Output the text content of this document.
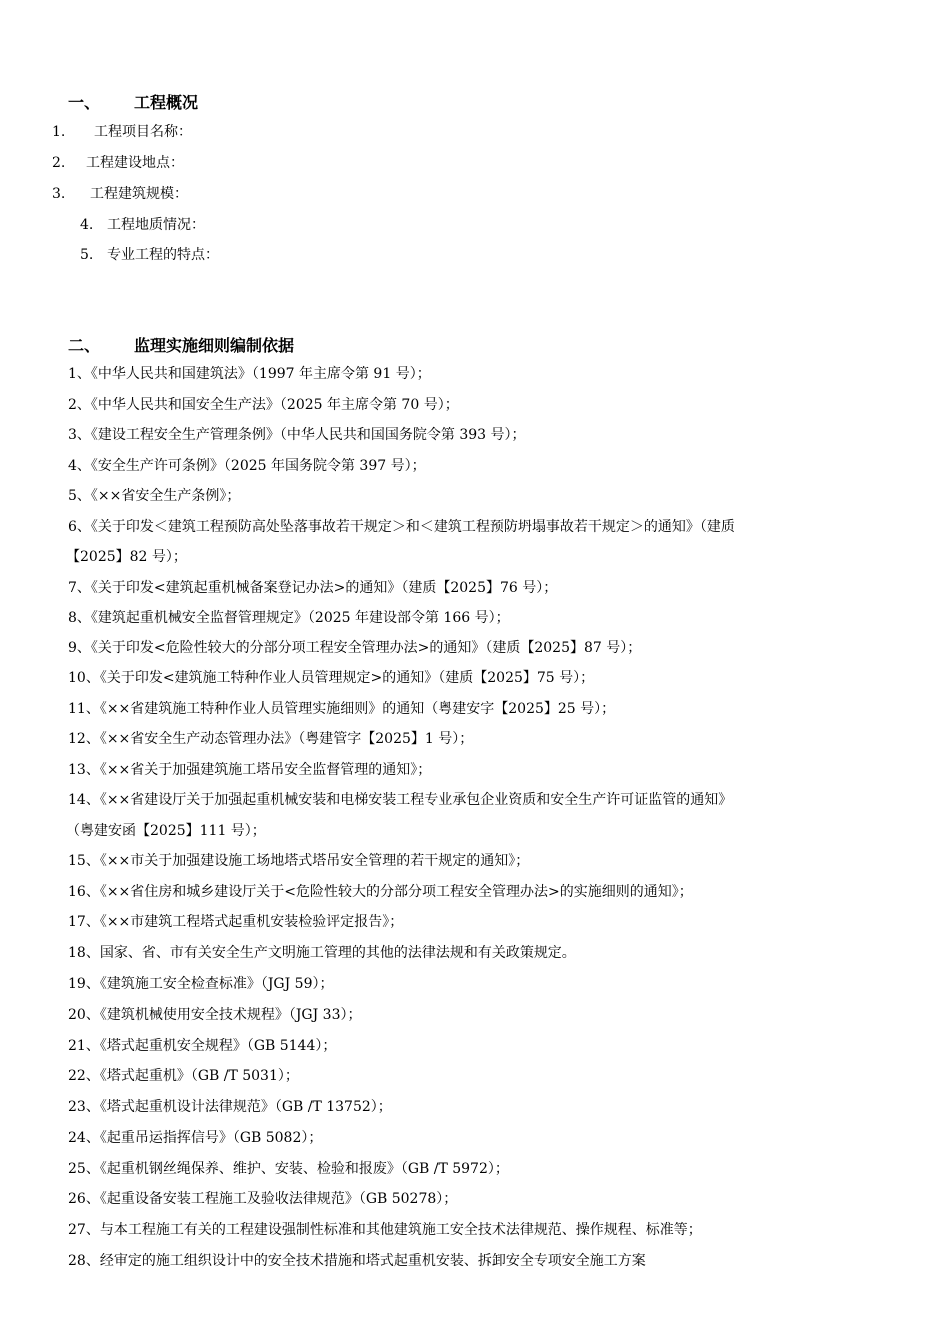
一、 工程概况
1. 工程项目名称：
2. 工程建设地点：
3. 工程建筑规模：
4. 工程地质情况：
5. 专业工程的特点：
二、 监理实施细则编制依据
1、《中华人民共和国建筑法》（1997 年主席令第 91 号）；
2、《中华人民共和国安全生产法》（2025 年主席令第 70 号）；
3、《建设工程安全生产管理条例》（中华人民共和国国务院令第 393 号）；
4、《安全生产许可条例》（2025 年国务院令第 397 号）；
5、《××省安全生产条例》；
6、《关于印发＜建筑工程预防高处坠落事故若干规定＞和＜建筑工程预防坍塌事故若干规定＞的通知》（建质
【2025】82 号）；
7、《关于印发<建筑起重机械备案登记办法>的通知》（建质【2025】76 号）；
8、《建筑起重机械安全监督管理规定》（2025 年建设部令第 166 号）；
9、《关于印发<危险性较大的分部分项工程安全管理办法>的通知》（建质【2025】87 号）；
10、《关于印发<建筑施工特种作业人员管理规定>的通知》（建质【2025】75 号）；
11、《××省建筑施工特种作业人员管理实施细则》的通知（粤建安字【2025】25 号）；
12、《××省安全生产动态管理办法》（粤建管字【2025】1 号）；
13、《××省关于加强建筑施工塔吊安全监督管理的通知》；
14、《××省建设厅关于加强起重机械安装和电梯安装工程专业承包企业资质和安全生产许可证监管的通知》
（粤建安函【2025】111 号）；
15、《××市关于加强建设施工场地塔式塔吊安全管理的若干规定的通知》；
16、《××省住房和城乡建设厅关于<危险性较大的分部分项工程安全管理办法>的实施细则的通知》；
17、《××市建筑工程塔式起重机安装检验评定报告》；
18、国家、省、市有关安全生产文明施工管理的其他的法律法规和有关政策规定。
19、《建筑施工安全检查标准》（JGJ 59）；
20、《建筑机械使用安全技术规程》（JGJ 33）；
21、《塔式起重机安全规程》（GB 5144）；
22、《塔式起重机》（GB /T 5031）；
23、《塔式起重机设计法律规范》（GB /T 13752）；
24、《起重吊运指挥信号》（GB 5082）；
25、《起重机钢丝绳保养、维护、安装、检验和报废》（GB /T 5972）；
26、《起重设备安装工程施工及验收法律规范》（GB 50278）；
27、与本工程施工有关的工程建设强制性标准和其他建筑施工安全技术法律规范、操作规程、标准等；
28、经审定的施工组织设计中的安全技术措施和塔式起重机安装、拆卸安全专项安全施工方案
